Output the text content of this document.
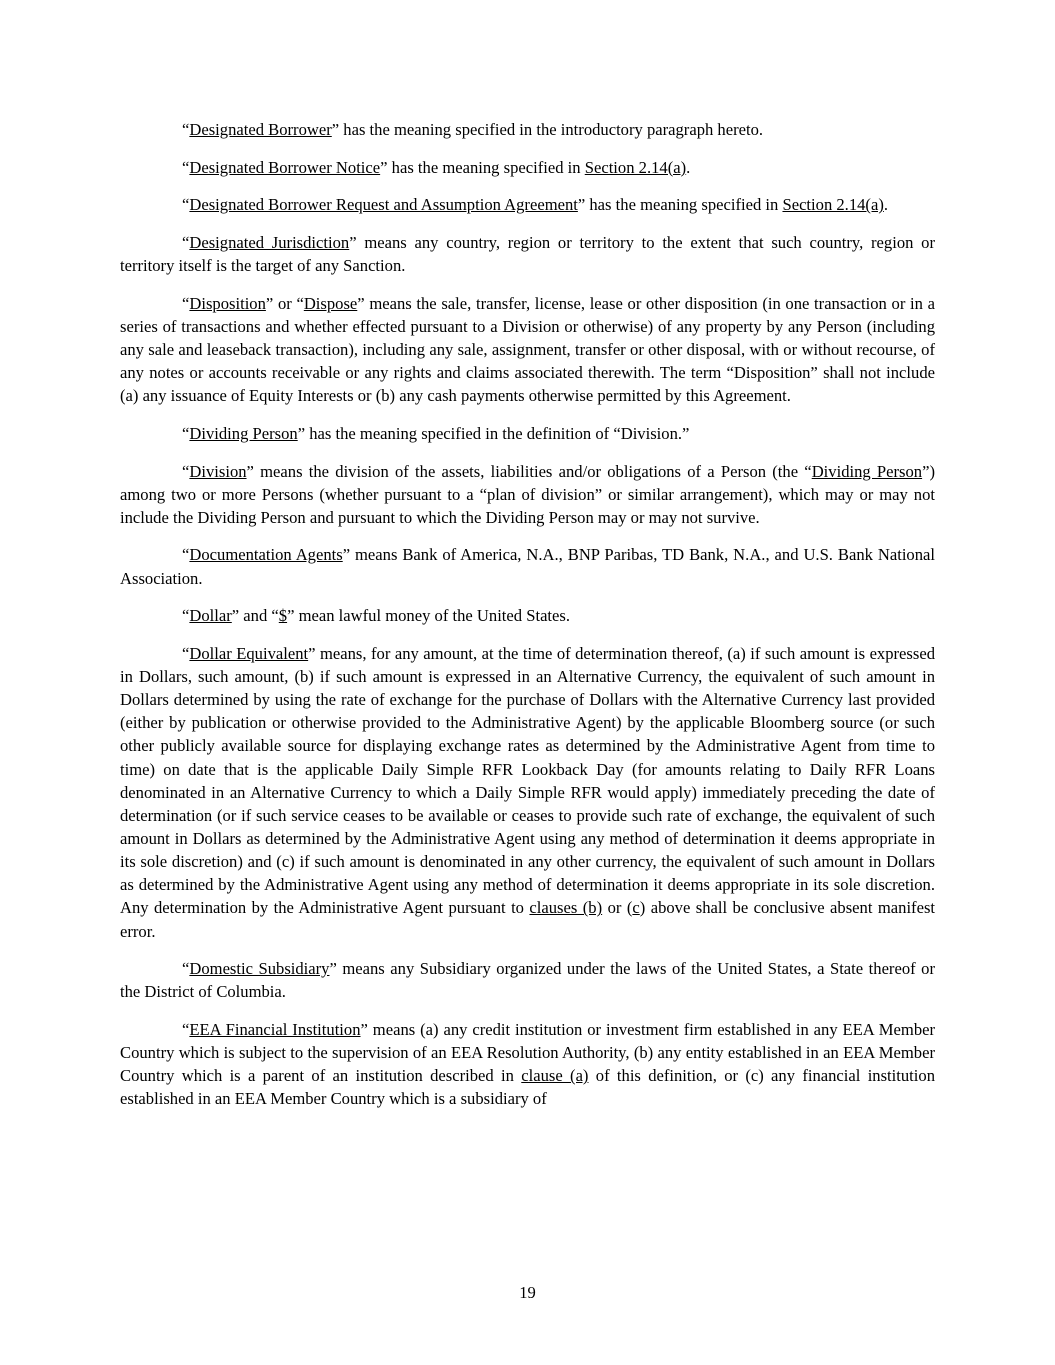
“Designated Borrower” has the meaning specified in the introductory paragraph hereto.

“Designated Borrower Notice” has the meaning specified in Section 2.14(a).

“Designated Borrower Request and Assumption Agreement” has the meaning specified in Section 2.14(a).

“Designated Jurisdiction” means any country, region or territory to the extent that such country, region or territory itself is the target of any Sanction.

“Disposition” or “Dispose” means the sale, transfer, license, lease or other disposition (in one transaction or in a series of transactions and whether effected pursuant to a Division or otherwise) of any property by any Person (including any sale and leaseback transaction), including any sale, assignment, transfer or other disposal, with or without recourse, of any notes or accounts receivable or any rights and claims associated therewith. The term “Disposition” shall not include (a) any issuance of Equity Interests or (b) any cash payments otherwise permitted by this Agreement.

“Dividing Person” has the meaning specified in the definition of “Division.”

“Division” means the division of the assets, liabilities and/or obligations of a Person (the “Dividing Person”) among two or more Persons (whether pursuant to a “plan of division” or similar arrangement), which may or may not include the Dividing Person and pursuant to which the Dividing Person may or may not survive.

“Documentation Agents” means Bank of America, N.A., BNP Paribas, TD Bank, N.A., and U.S. Bank National Association.

“Dollar” and “$” mean lawful money of the United States.

“Dollar Equivalent” means, for any amount, at the time of determination thereof, (a) if such amount is expressed in Dollars, such amount, (b) if such amount is expressed in an Alternative Currency, the equivalent of such amount in Dollars determined by using the rate of exchange for the purchase of Dollars with the Alternative Currency last provided (either by publication or otherwise provided to the Administrative Agent) by the applicable Bloomberg source (or such other publicly available source for displaying exchange rates as determined by the Administrative Agent from time to time) on date that is the applicable Daily Simple RFR Lookback Day (for amounts relating to Daily RFR Loans denominated in an Alternative Currency to which a Daily Simple RFR would apply) immediately preceding the date of determination (or if such service ceases to be available or ceases to provide such rate of exchange, the equivalent of such amount in Dollars as determined by the Administrative Agent using any method of determination it deems appropriate in its sole discretion) and (c) if such amount is denominated in any other currency, the equivalent of such amount in Dollars as determined by the Administrative Agent using any method of determination it deems appropriate in its sole discretion. Any determination by the Administrative Agent pursuant to clauses (b) or (c) above shall be conclusive absent manifest error.

“Domestic Subsidiary” means any Subsidiary organized under the laws of the United States, a State thereof or the District of Columbia.

“EEA Financial Institution” means (a) any credit institution or investment firm established in any EEA Member Country which is subject to the supervision of an EEA Resolution Authority, (b) any entity established in an EEA Member Country which is a parent of an institution described in clause (a) of this definition, or (c) any financial institution established in an EEA Member Country which is a subsidiary of

19
